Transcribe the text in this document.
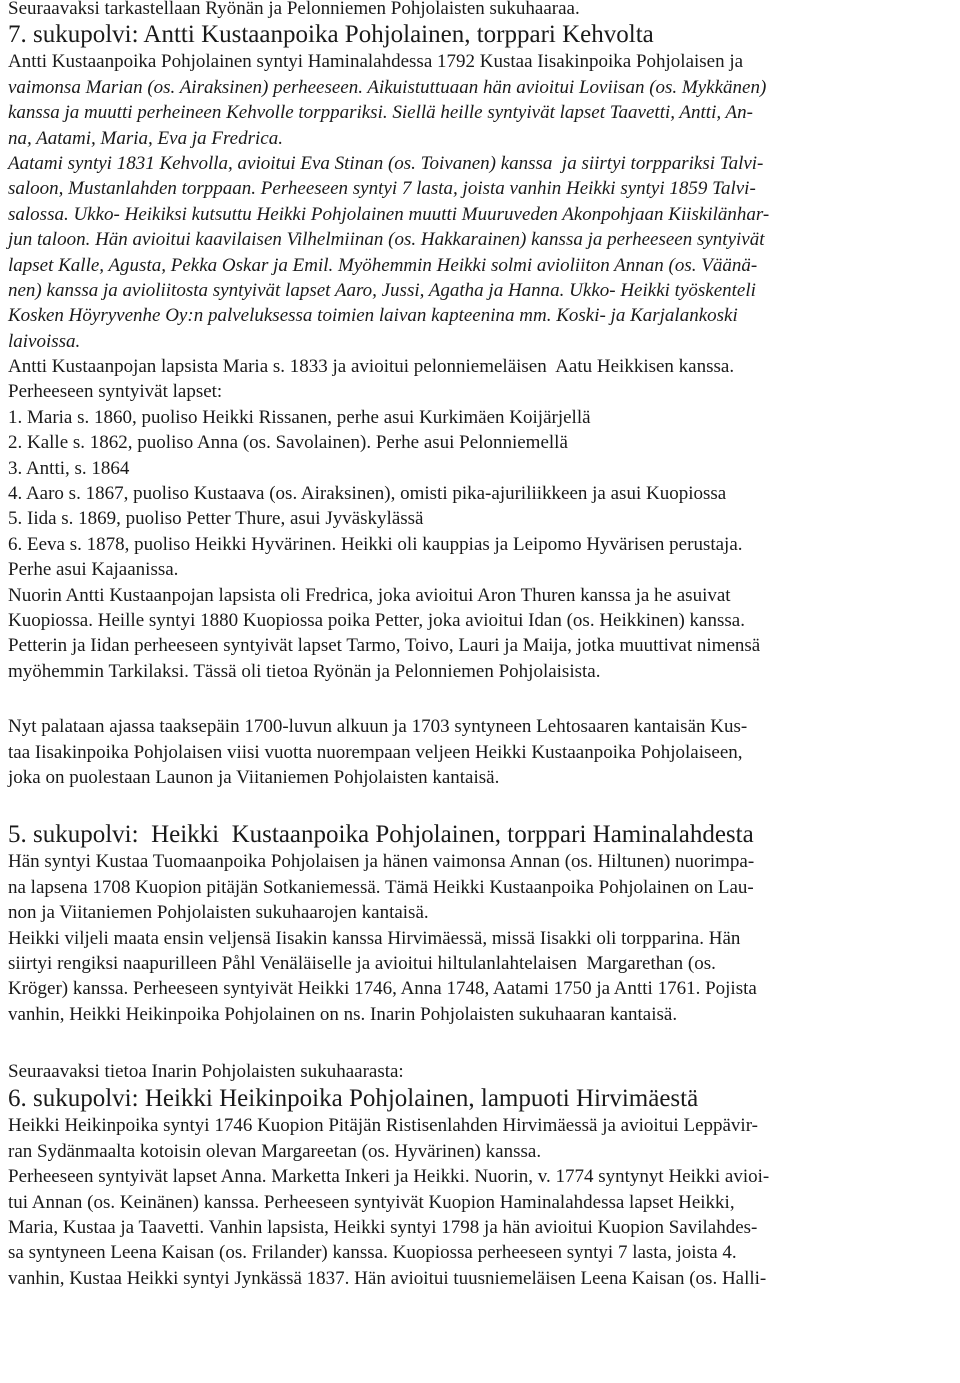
Seuraavaksi tarkastellaan Ryönän ja Pelonniemen Pohjolaisten sukuhaaraa.
7. sukupolvi: Antti Kustaanpoika Pohjolainen, torppari Kehvolta
Antti Kustaanpoika Pohjolainen syntyi Haminalahdessa 1792 Kustaa Iisakinpoika Pohjolaisen ja
vaimonsa Marian (os. Airaksinen) perheeseen. Aikuistuttuaan hän avioitui Loviisan (os. Mykkänen)
kanssa ja muutti perheineen Kehvolle torppariksi. Siellä heille syntyivät lapset Taavetti, Antti, An-
na, Aatami, Maria, Eva ja Fredrica.
Aatami syntyi 1831 Kehvolla, avioitui Eva Stinan (os. Toivanen) kanssa  ja siirtyi torppariksi Talvi-
saloon, Mustanlahden torppaan. Perheeseen syntyi 7 lasta, joista vanhin Heikki syntyi 1859 Talvi-
salossa. Ukko- Heikiksi kutsuttu Heikki Pohjolainen muutti Muuruveden Akonpohjaan Kiiskilänhar-
jun taloon. Hän avioitui kaavilaisen Vilhelmiinan (os. Hakkarainen) kanssa ja perheeseen syntyivät
lapset Kalle, Agusta, Pekka Oskar ja Emil. Myöhemmin Heikki solmi avioliiton Annan (os. Väänä-
nen) kanssa ja avioliitosta syntyivät lapset Aaro, Jussi, Agatha ja Hanna. Ukko- Heikki työskenteli
Kosken Höyryvenhe Oy:n palveluksessa toimien laivan kapteenina mm. Koski- ja Karjalankoski
laivoissa.
Antti Kustaanpojan lapsista Maria s. 1833 ja avioitui pelonniemeläisen  Aatu Heikkisen kanssa.
Perheeseen syntyivät lapset:
1. Maria s. 1860, puoliso Heikki Rissanen, perhe asui Kurkimäen Koijärjellä
2. Kalle s. 1862, puoliso Anna (os. Savolainen). Perhe asui Pelonniemellä
3. Antti, s. 1864
4. Aaro s. 1867, puoliso Kustaava (os. Airaksinen), omisti pika-ajuriliikkeen ja asui Kuopiossa
5. Iida s. 1869, puoliso Petter Thure, asui Jyväskylässä
6. Eeva s. 1878, puoliso Heikki Hyvärinen. Heikki oli kauppias ja Leipomo Hyvärisen perustaja.
Perhe asui Kajaanissa.
Nuorin Antti Kustaanpojan lapsista oli Fredrica, joka avioitui Aron Thuren kanssa ja he asuivat
Kuopiossa. Heille syntyi 1880 Kuopiossa poika Petter, joka avioitui Idan (os. Heikkinen) kanssa.
Petterin ja Iidan perheeseen syntyivät lapset Tarmo, Toivo, Lauri ja Maija, jotka muuttivat nimensä
myöhemmin Tarkilaksi. Tässä oli tietoa Ryönän ja Pelonniemen Pohjolaisista.
Nyt palataan ajassa taaksepäin 1700-luvun alkuun ja 1703 syntyneen Lehtosaaren kantaisän Kus-
taa Iisakinpoika Pohjolaisen viisi vuotta nuorempaan veljeen Heikki Kustaanpoika Pohjolaiseen,
joka on puolestaan Launon ja Viitaniemen Pohjolaisten kantaisä.
5. sukupolvi:  Heikki  Kustaanpoika Pohjolainen, torppari Haminalahdesta
Hän syntyi Kustaa Tuomaanpoika Pohjolaisen ja hänen vaimonsa Annan (os. Hiltunen) nuorimpa-
na lapsena 1708 Kuopion pitäjän Sotkaniemessä. Tämä Heikki Kustaanpoika Pohjolainen on Lau-
non ja Viitaniemen Pohjolaisten sukuhaarojen kantaisä.
Heikki viljeli maata ensin veljensä Iisakin kanssa Hirvimäessä, missä Iisakki oli torpparina. Hän
siirtyi rengiksi naapurilleen Påhl Venäläiselle ja avioitui hiltulanlahtelaisen  Margarethan (os.
Kröger) kanssa. Perheeseen syntyivät Heikki 1746, Anna 1748, Aatami 1750 ja Antti 1761. Pojista
vanhin, Heikki Heikinpoika Pohjolainen on ns. Inarin Pohjolaisten sukuhaaran kantaisä.
Seuraavaksi tietoa Inarin Pohjolaisten sukuhaarasta:
6. sukupolvi: Heikki Heikinpoika Pohjolainen, lampuoti Hirvimäestä
Heikki Heikinpoika syntyi 1746 Kuopion Pitäjän Ristisenlahden Hirvimäessä ja avioitui Leppävir-
ran Sydänmaalta kotoisin olevan Margareetan (os. Hyvärinen) kanssa.
Perheeseen syntyivät lapset Anna. Marketta Inkeri ja Heikki. Nuorin, v. 1774 syntynyt Heikki avioi-
tui Annan (os. Keinänen) kanssa. Perheeseen syntyivät Kuopion Haminalahdessa lapset Heikki,
Maria, Kustaa ja Taavetti. Vanhin lapsista, Heikki syntyi 1798 ja hän avioitui Kuopion Savilahdes-
sa syntyneen Leena Kaisan (os. Frilander) kanssa. Kuopiossa perheeseen syntyi 7 lasta, joista 4.
vanhin, Kustaa Heikki syntyi Jynkässä 1837. Hän avioitui tuusniemeläisen Leena Kaisan (os. Halli-
